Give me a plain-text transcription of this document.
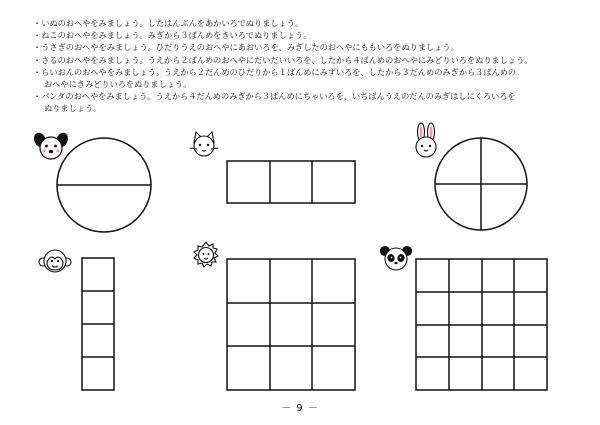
・いぬのおへやをみましょう。したはんぶんをあかいろでぬりましょう。
・ねこのおへやをみましょう。みぎから３ばんめをきいろでぬりましょう。
・うさぎのおへやをみましょう。ひだりうえのおへやにあおいろを、みぎしたのおへやにももいろをぬりましょう。
・さるのおへやをみましょう。うえから２ばんめのおへやにだいだいいろを、したから４ばんめのおへやにみどりいろをぬりましょう。
・らいおんのおへやをみましょう。うえから２だんめのひだりから１ばんめにみずいろを、したから３だんめのみぎから３ばんめの
おへやにきみどりいろをぬりましょう。
・パンダのおへやをみましょう。うえから４だんめのみぎから３ばんめにちゃいろを、いちばんうえのだんのみぎはしにくろいろを
ぬりましょう。
－ 9 －
